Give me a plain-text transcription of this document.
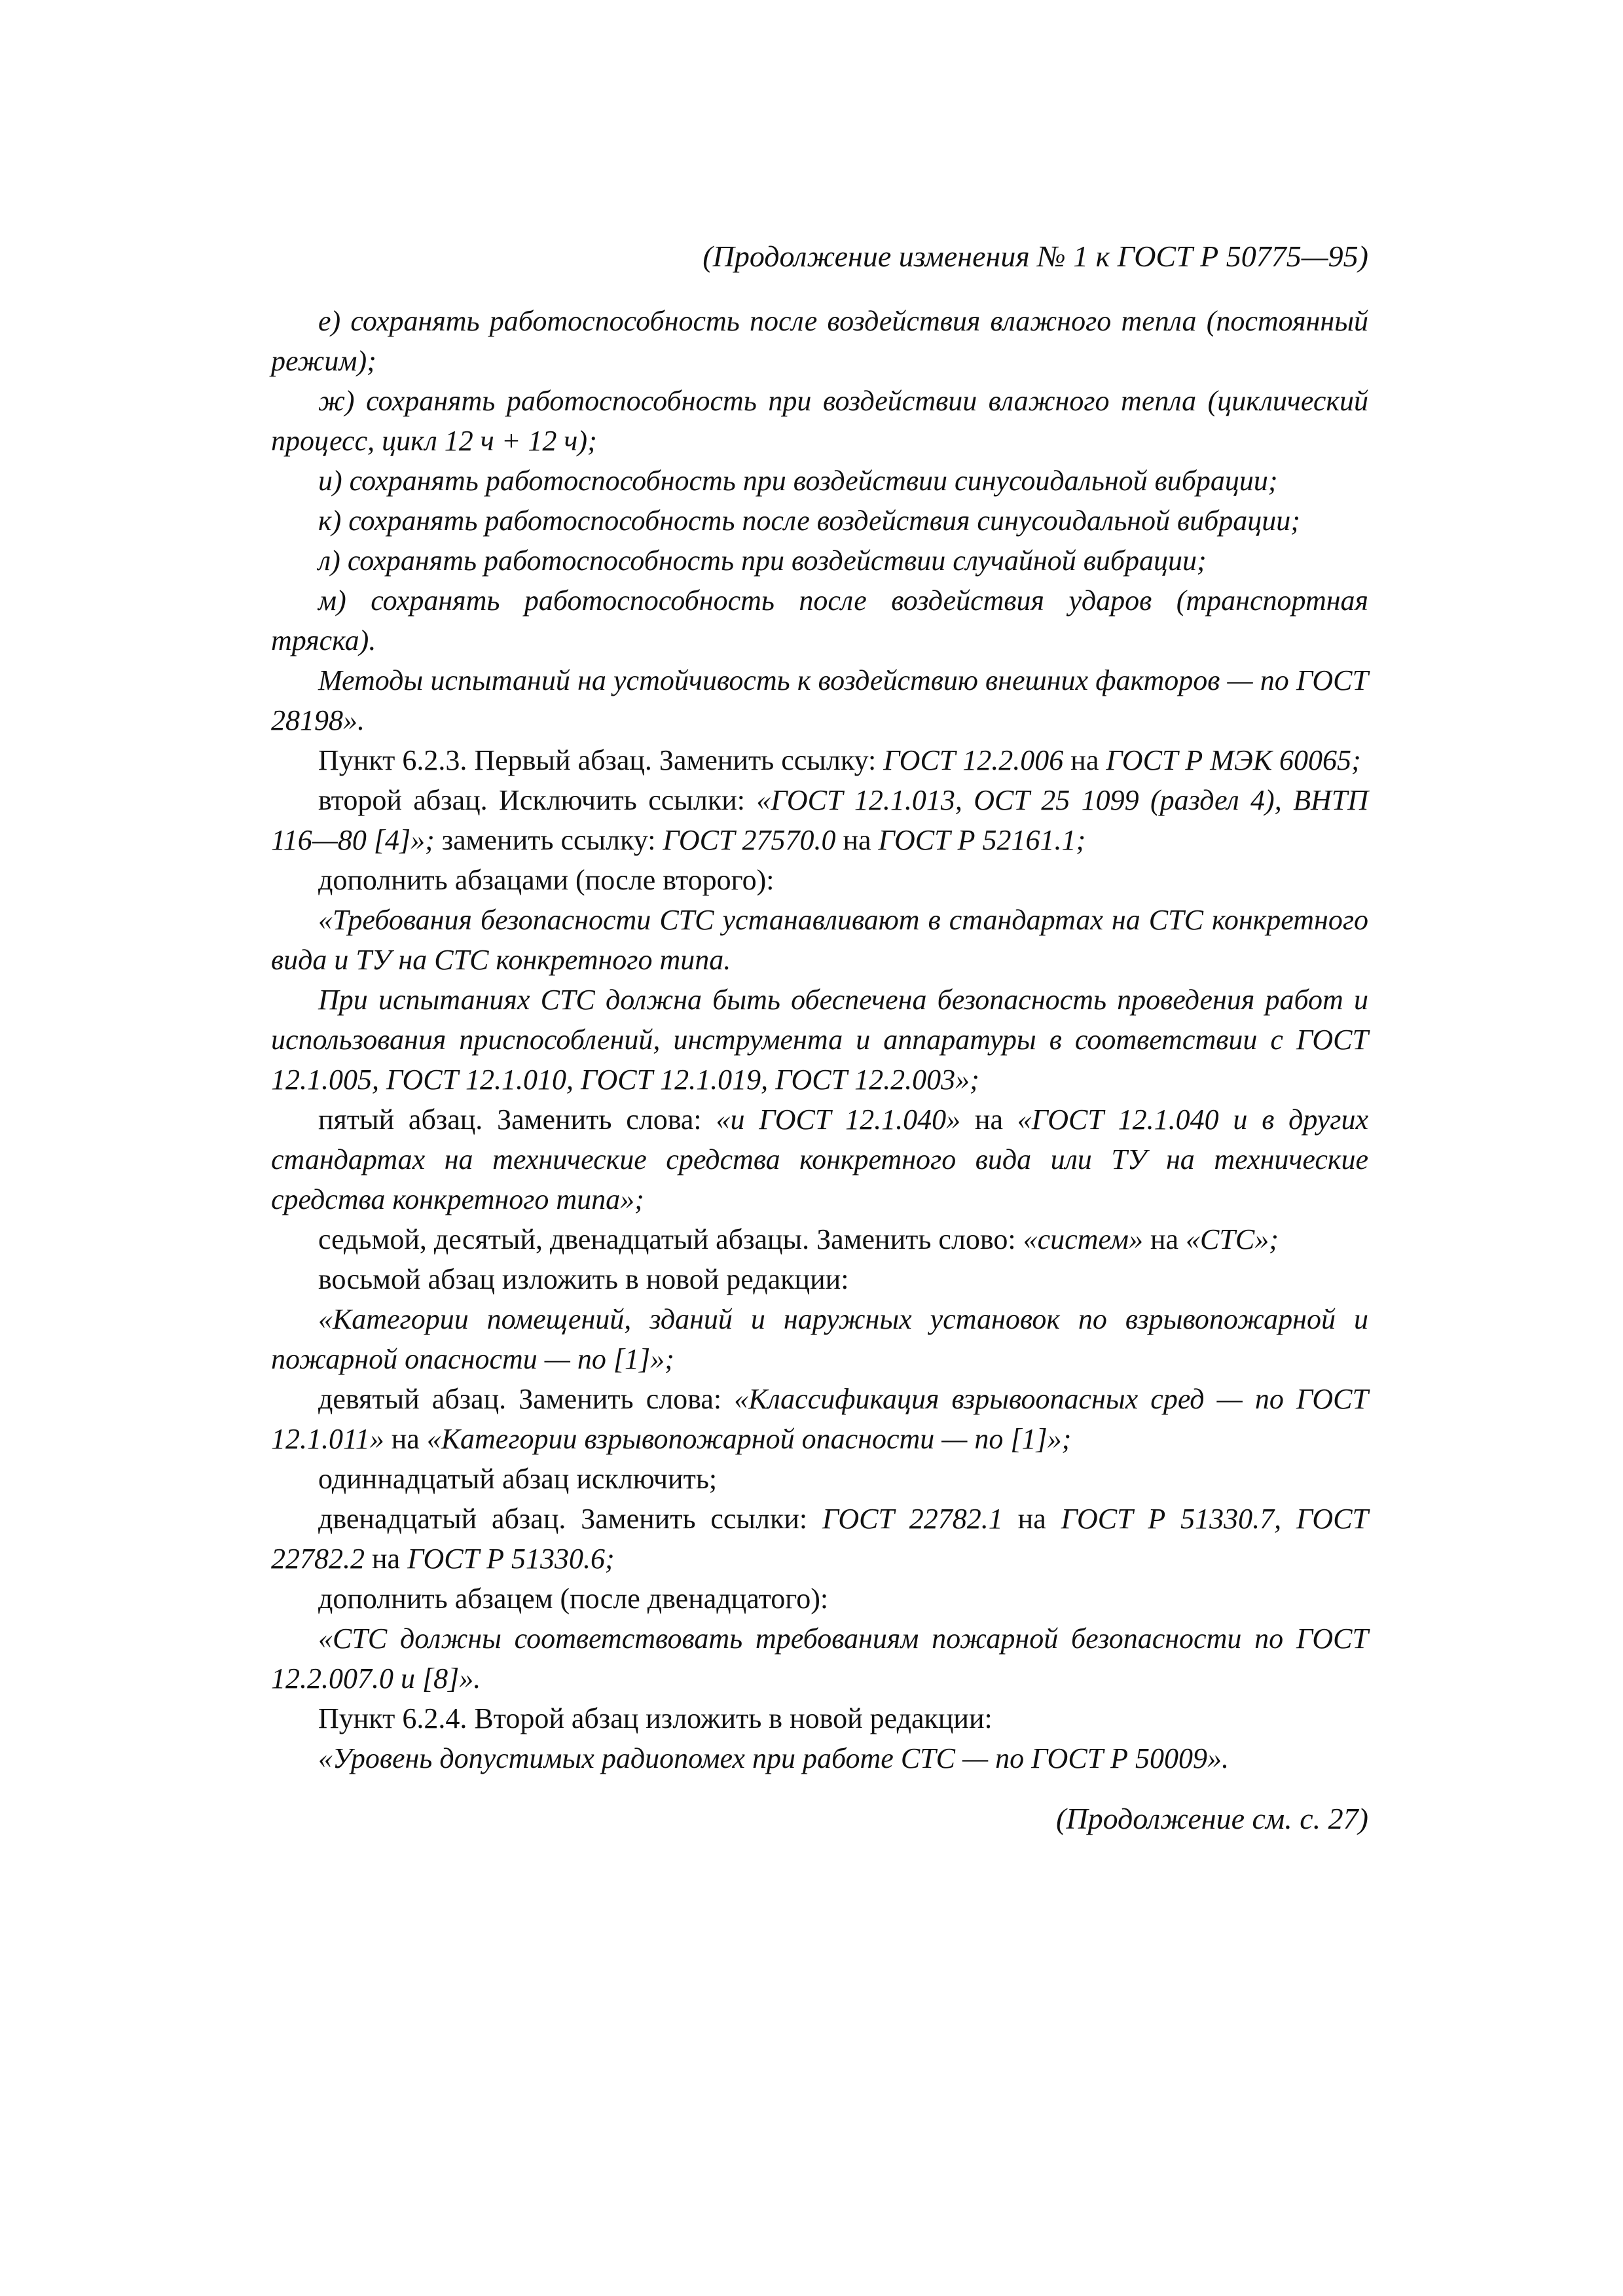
(Продолжение изменения № 1 к ГОСТ Р 50775—95)

е) сохранять работоспособность после воздействия влажного тепла (постоянный режим);

ж) сохранять работоспособность при воздействии влажного тепла (циклический процесс, цикл 12 ч + 12 ч);

и) сохранять работоспособность при воздействии синусоидальной вибрации;

к) сохранять работоспособность после воздействия синусоидальной вибрации;

л) сохранять работоспособность при воздействии случайной вибрации;

м) сохранять работоспособность после воздействия ударов (транспортная тряска).

Методы испытаний на устойчивость к воздействию внешних факторов — по ГОСТ 28198».

Пункт 6.2.3. Первый абзац. Заменить ссылку: ГОСТ 12.2.006 на ГОСТ Р МЭК 60065;

второй абзац. Исключить ссылки: «ГОСТ 12.1.013, ОСТ 25 1099 (раздел 4), ВНТП 116—80 [4]»; заменить ссылку: ГОСТ 27570.0 на ГОСТ Р 52161.1;

дополнить абзацами (после второго):

«Требования безопасности СТС устанавливают в стандартах на СТС конкретного вида и ТУ на СТС конкретного типа.

При испытаниях СТС должна быть обеспечена безопасность проведения работ и использования приспособлений, инструмента и аппаратуры в соответствии с ГОСТ 12.1.005, ГОСТ 12.1.010, ГОСТ 12.1.019, ГОСТ 12.2.003»;

пятый абзац. Заменить слова: «и ГОСТ 12.1.040» на «ГОСТ 12.1.040 и в других стандартах на технические средства конкретного вида или ТУ на технические средства конкретного типа»;

седьмой, десятый, двенадцатый абзацы. Заменить слово: «систем» на «СТС»;

восьмой абзац изложить в новой редакции:

«Категории помещений, зданий и наружных установок по взрывопожарной и пожарной опасности — по [1]»;

девятый абзац. Заменить слова: «Классификация взрывоопасных сред — по ГОСТ 12.1.011» на «Категории взрывопожарной опасности — по [1]»;

одиннадцатый абзац исключить;

двенадцатый абзац. Заменить ссылки: ГОСТ 22782.1 на ГОСТ Р 51330.7, ГОСТ 22782.2 на ГОСТ Р 51330.6;

дополнить абзацем (после двенадцатого):

«СТС должны соответствовать требованиям пожарной безопасности по ГОСТ 12.2.007.0 и [8]».

Пункт 6.2.4. Второй абзац изложить в новой редакции:

«Уровень допустимых радиопомех при работе СТС — по ГОСТ Р 50009».

(Продолжение см. с. 27)
